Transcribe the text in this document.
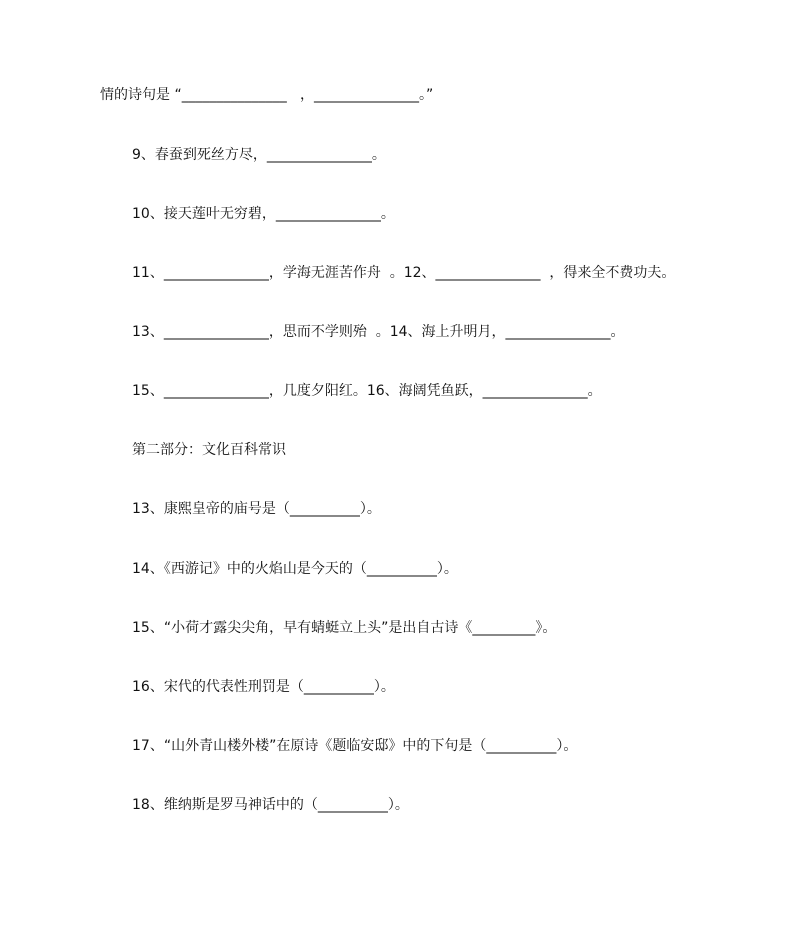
情的诗句是 “_______________   ，_______________。”
9、春蚕到死丝方尽，_______________。
10、接天莲叶无穷碧，_______________。
11、_______________，学海无涯苦作舟  。12、_______________  ，得来全不费功夫。
13、_______________，思而不学则殆  。14、海上升明月，_______________。
15、_______________，几度夕阳红。16、海阔凭鱼跃，_______________。
第二部分：文化百科常识
13、康熙皇帝的庙号是（__________）。
14、《西游记》中的火焰山是今天的（__________）。
15、“小荷才露尖尖角，早有蜻蜓立上头”是出自古诗《_________》。
16、宋代的代表性刑罚是（__________）。
17、“山外青山楼外楼”在原诗《题临安邸》中的下句是（__________）。
18、维纳斯是罗马神话中的（__________）。
